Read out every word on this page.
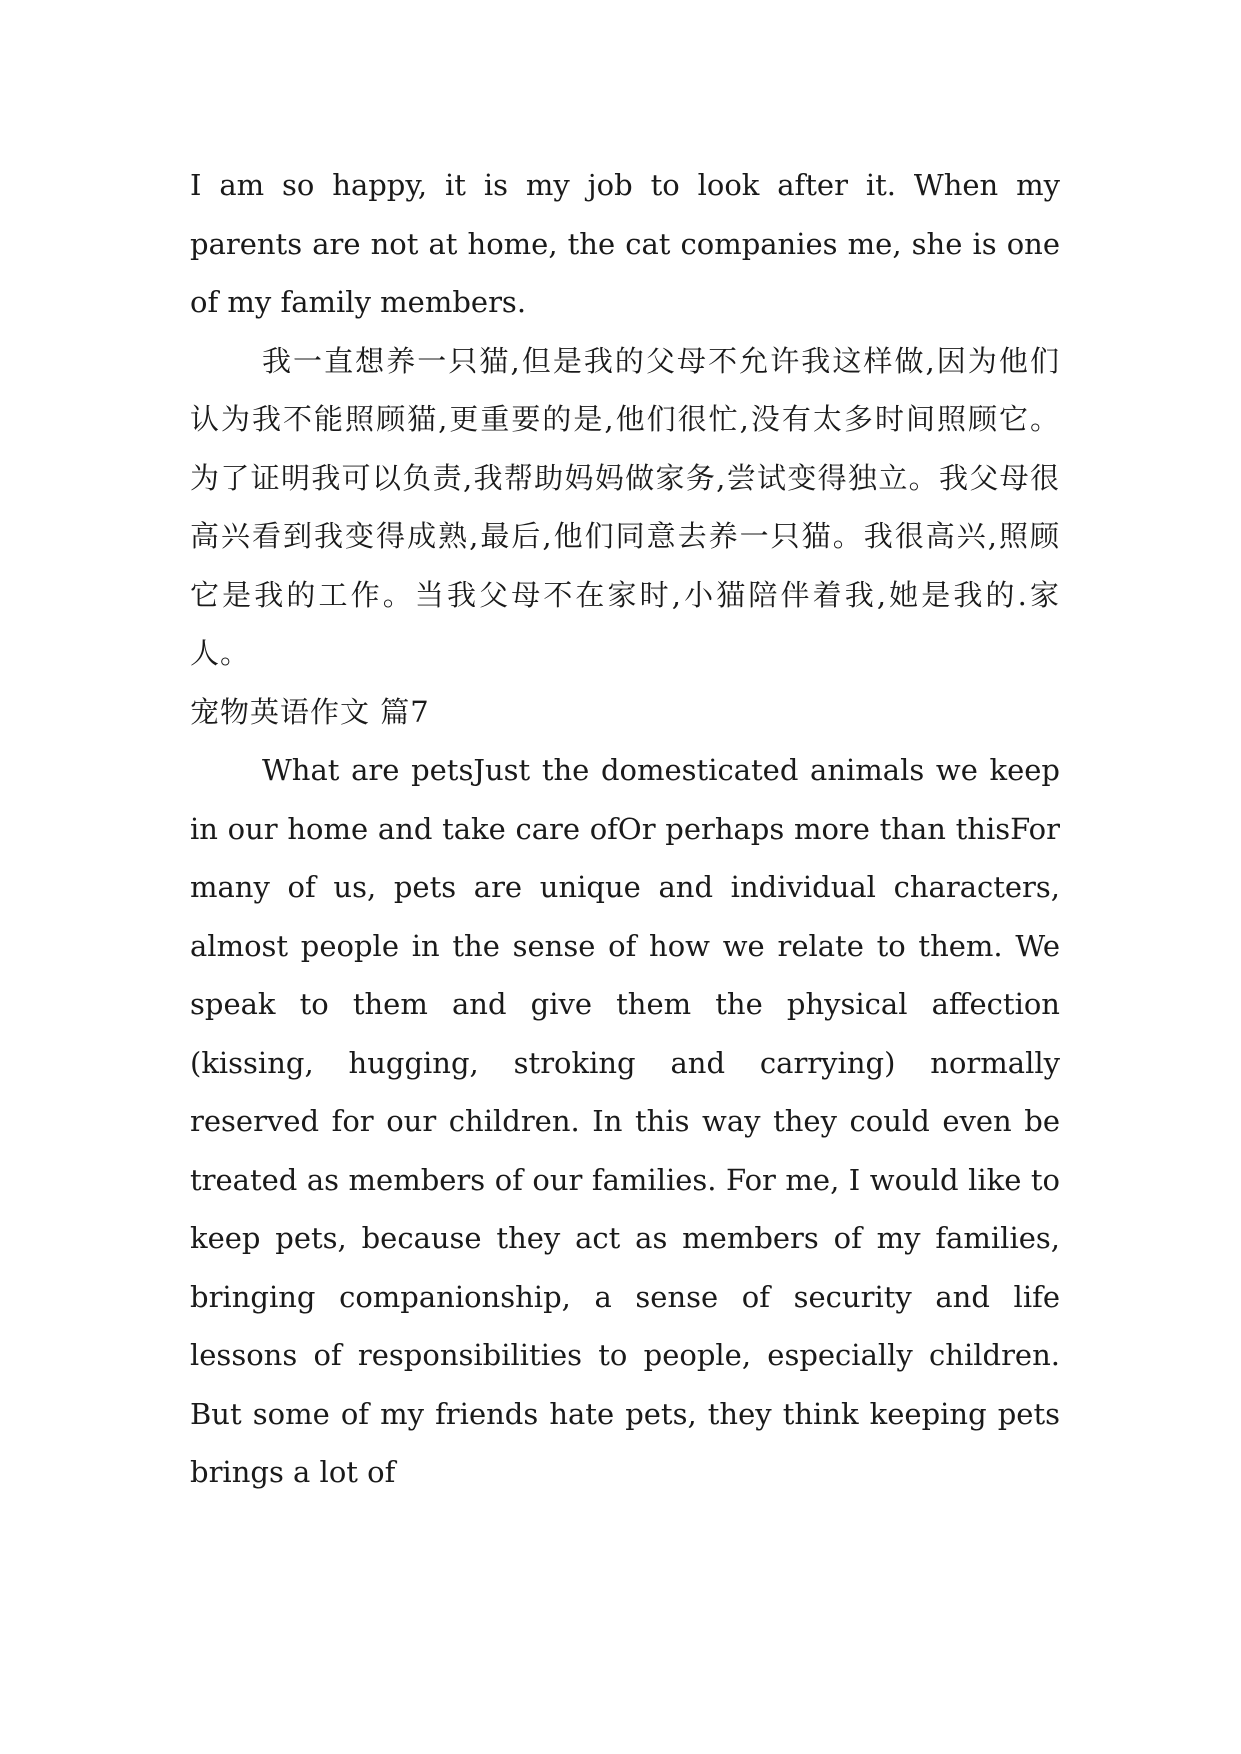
I am so happy, it is my job to look after it. When my parents are not at home, the cat companies me, she is one of my family members.

我一直想养一只猫,但是我的父母不允许我这样做,因为他们认为我不能照顾猫,更重要的是,他们很忙,没有太多时间照顾它。为了证明我可以负责,我帮助妈妈做家务,尝试变得独立。我父母很高兴看到我变得成熟,最后,他们同意去养一只猫。我很高兴,照顾它是我的工作。当我父母不在家时,小猫陪伴着我,她是我的.家人。

宠物英语作文 篇7

What are petsJust the domesticated animals we keep in our home and take care ofOr perhaps more than thisFor many of us, pets are unique and individual characters, almost people in the sense of how we relate to them. We speak to them and give them the physical affection (kissing, hugging, stroking and carrying) normally reserved for our children. In this way they could even be treated as members of our families. For me, I would like to keep pets, because they act as members of my families, bringing companionship, a sense of security and life lessons of responsibilities to people, especially children. But some of my friends hate pets, they think keeping pets brings a lot of
